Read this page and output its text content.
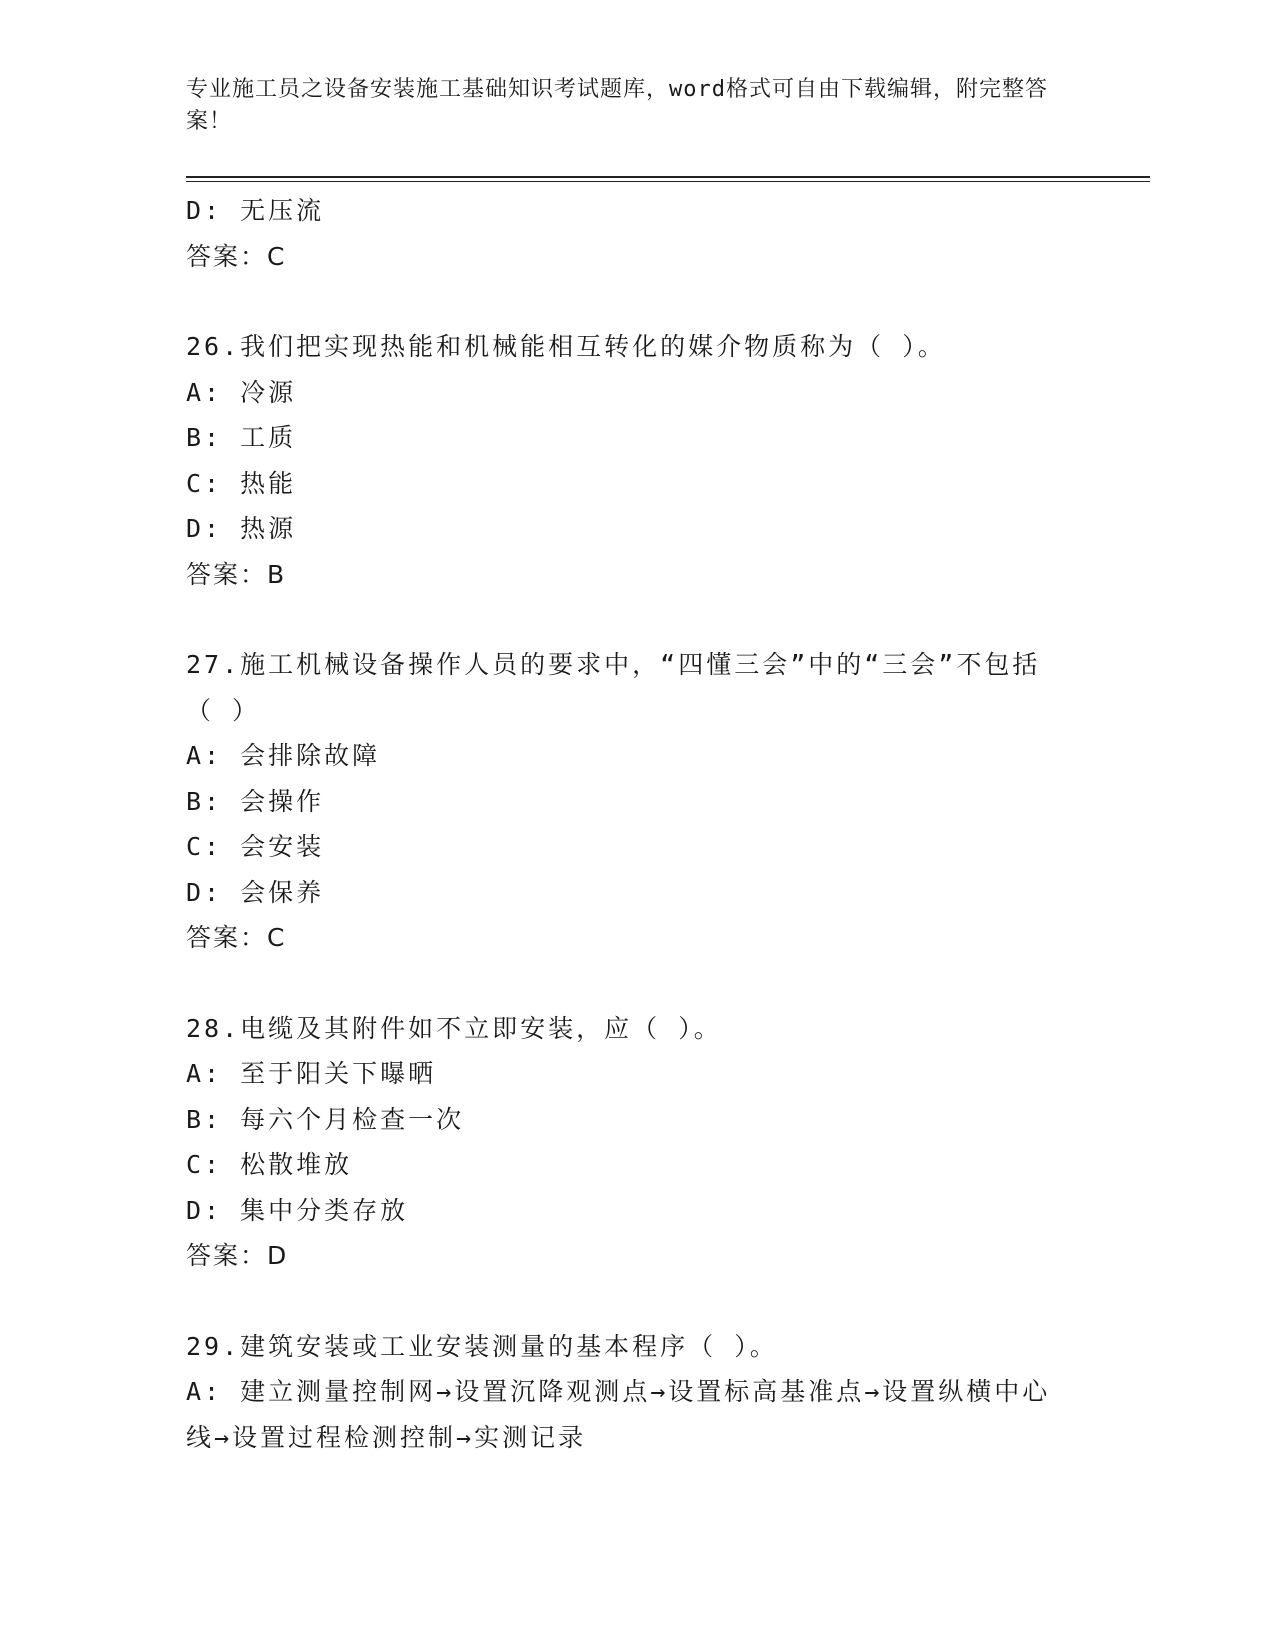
专业施工员之设备安装施工基础知识考试题库，word格式可自由下载编辑，附完整答案！
D: 无压流
答案：C
26.我们把实现热能和机械能相互转化的媒介物质称为（ ）。
A: 冷源
B: 工质
C: 热能
D: 热源
答案：B
27.施工机械设备操作人员的要求中，“四懂三会”中的“三会”不包括（ ）
A: 会排除故障
B: 会操作
C: 会安装
D: 会保养
答案：C
28.电缆及其附件如不立即安装，应（ ）。
A: 至于阳关下曝晒
B: 每六个月检查一次
C: 松散堆放
D: 集中分类存放
答案：D
29.建筑安装或工业安装测量的基本程序（ ）。
A: 建立测量控制网→设置沉降观测点→设置标高基准点→设置纵横中心线→设置过程检测控制→实测记录
